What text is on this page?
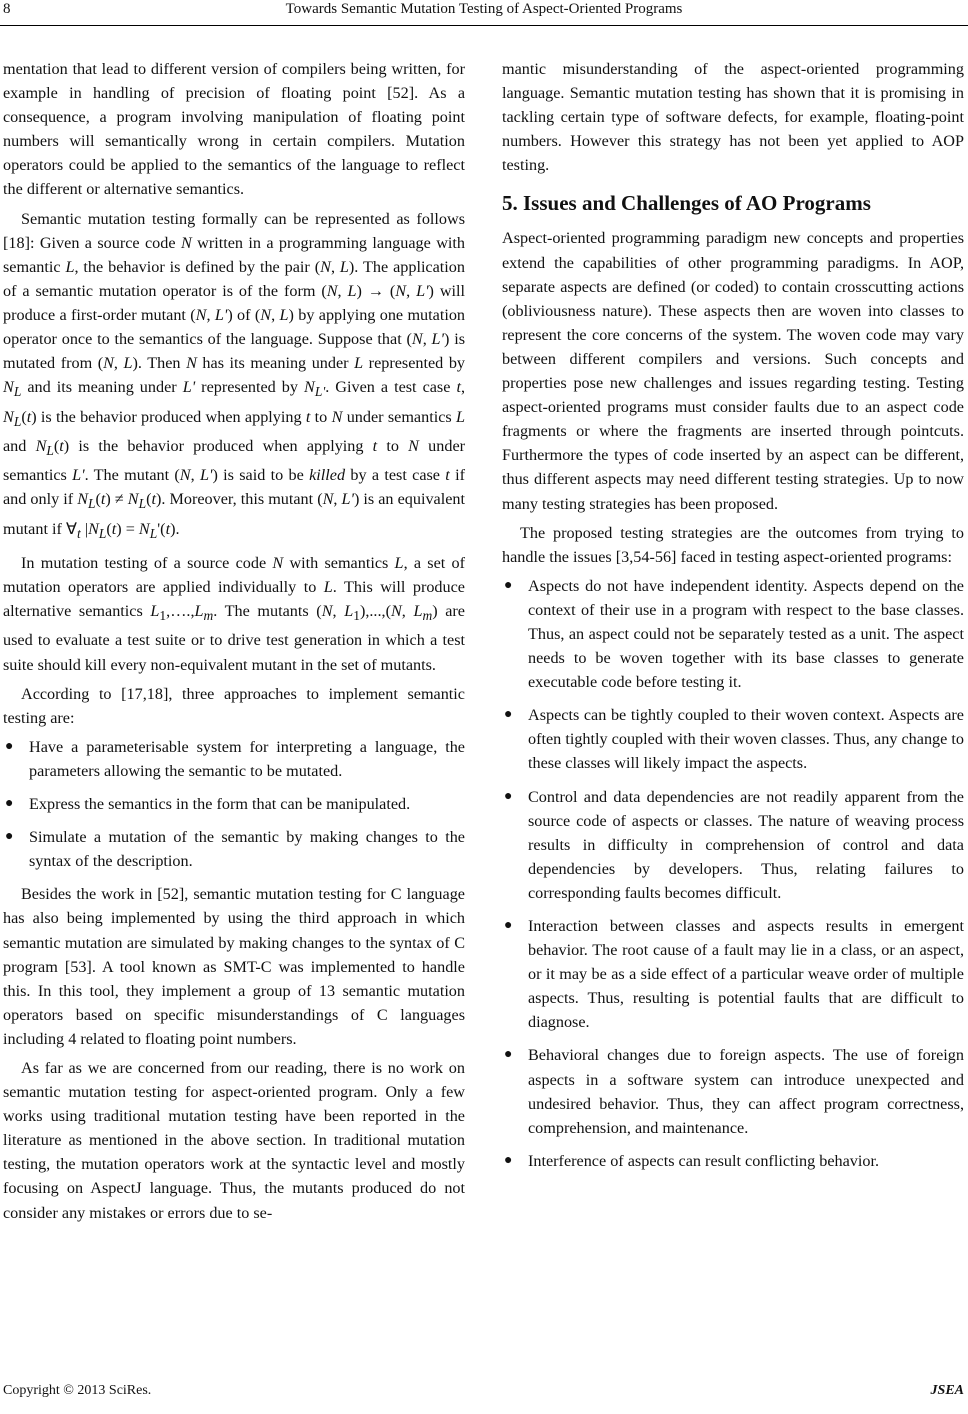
8	Towards Semantic Mutation Testing of Aspect-Oriented Programs

mentation that lead to different version of compilers being written, for example in handling of precision of floating point [52]. As a consequence, a program involving manipulation of floating point numbers will semantically wrong in certain compilers. Mutation operators could be applied to the semantics of the language to reflect the different or alternative semantics.

Semantic mutation testing formally can be represented as follows [18]: Given a source code N written in a programming language with semantic L, the behavior is defined by the pair (N, L). The application of a semantic mutation operator is of the form (N, L) → (N, L') will produce a first-order mutant (N, L') of (N, L) by applying one mutation operator once to the semantics of the language. Suppose that (N, L') is mutated from (N, L). Then N has its meaning under L represented by $N_L$ and its meaning under L' represented by $N_{L'}$. Given a test case t, $N_L(t)$ is the behavior produced when applying t to N under semantics L and $N_L(t)$ is the behavior produced when applying t to N under semantics L'. The mutant (N, L') is said to be killed by a test case t if and only if $N_L(t) \ne N_L(t)$. Moreover, this mutant (N, L') is an equivalent mutant if $\forall_t$ $|N_L(t) = N_L'(t)$.

In mutation testing of a source code N with semantics L, a set of mutation operators are applied individually to L. This will produce alternative semantics $L_1,\dots.,L_m$. The mutants (N, $L_1),...,(N$, $L_m$) are used to evaluate a test suite or to drive test generation in which a test suite should kill every non-equivalent mutant in the set of mutants.

According to [17,18], three approaches to implement semantic testing are:

● Have a parameterisable system for interpreting a language, the parameters allowing the semantic to be mutated.
● Express the semantics in the form that can be manipulated.
● Simulate a mutation of the semantic by making changes to the syntax of the description.

Besides the work in [52], semantic mutation testing for C language has also being implemented by using the third approach in which semantic mutation are simulated by making changes to the syntax of C program [53]. A tool known as SMT-C was implemented to handle this. In this tool, they implement a group of 13 semantic mutation operators based on specific misunderstandings of C languages including 4 related to floating point numbers.

As far as we are concerned from our reading, there is no work on semantic mutation testing for aspect-oriented program. Only a few works using traditional mutation testing have been reported in the literature as mentioned in the above section. In traditional mutation testing, the mutation operators work at the syntactic level and mostly focusing on AspectJ language. Thus, the mutants produced do not consider any mistakes or errors due to se-

mantic misunderstanding of the aspect-oriented programming language. Semantic mutation testing has shown that it is promising in tackling certain type of software defects, for example, floating-point numbers. However this strategy has not been yet applied to AOP testing.

5. Issues and Challenges of AO Programs

Aspect-oriented programming paradigm new concepts and properties extend the capabilities of other programming paradigms. In AOP, separate aspects are defined (or coded) to contain crosscutting actions (obliviousness nature). These aspects then are woven into classes to represent the core concerns of the system. The woven code may vary between different compilers and versions. Such concepts and properties pose new challenges and issues regarding testing. Testing aspect-oriented programs must consider faults due to an aspect code fragments or where the fragments are inserted through pointcuts. Furthermore the types of code inserted by an aspect can be different, thus different aspects may need different testing strategies. Up to now many testing strategies has been proposed.

The proposed testing strategies are the outcomes from trying to handle the issues [3,54-56] faced in testing aspect-oriented programs:

● Aspects do not have independent identity. Aspects depend on the context of their use in a program with respect to the base classes. Thus, an aspect could not be separately tested as a unit. The aspect needs to be woven together with its base classes to generate executable code before testing it.
● Aspects can be tightly coupled to their woven context. Aspects are often tightly coupled with their woven classes. Thus, any change to these classes will likely impact the aspects.
● Control and data dependencies are not readily apparent from the source code of aspects or classes. The nature of weaving process results in difficulty in comprehension of control and data dependencies by developers. Thus, relating failures to corresponding faults becomes difficult.
● Interaction between classes and aspects results in emergent behavior. The root cause of a fault may lie in a class, or an aspect, or it may be as a side effect of a particular weave order of multiple aspects. Thus, resulting is potential faults that are difficult to diagnose.
● Behavioral changes due to foreign aspects. The use of foreign aspects in a software system can introduce unexpected and undesired behavior. Thus, they can affect program correctness, comprehension, and maintenance.
● Interference of aspects can result conflicting behavior.
Copyright © 2013 SciRes.	JSEA
